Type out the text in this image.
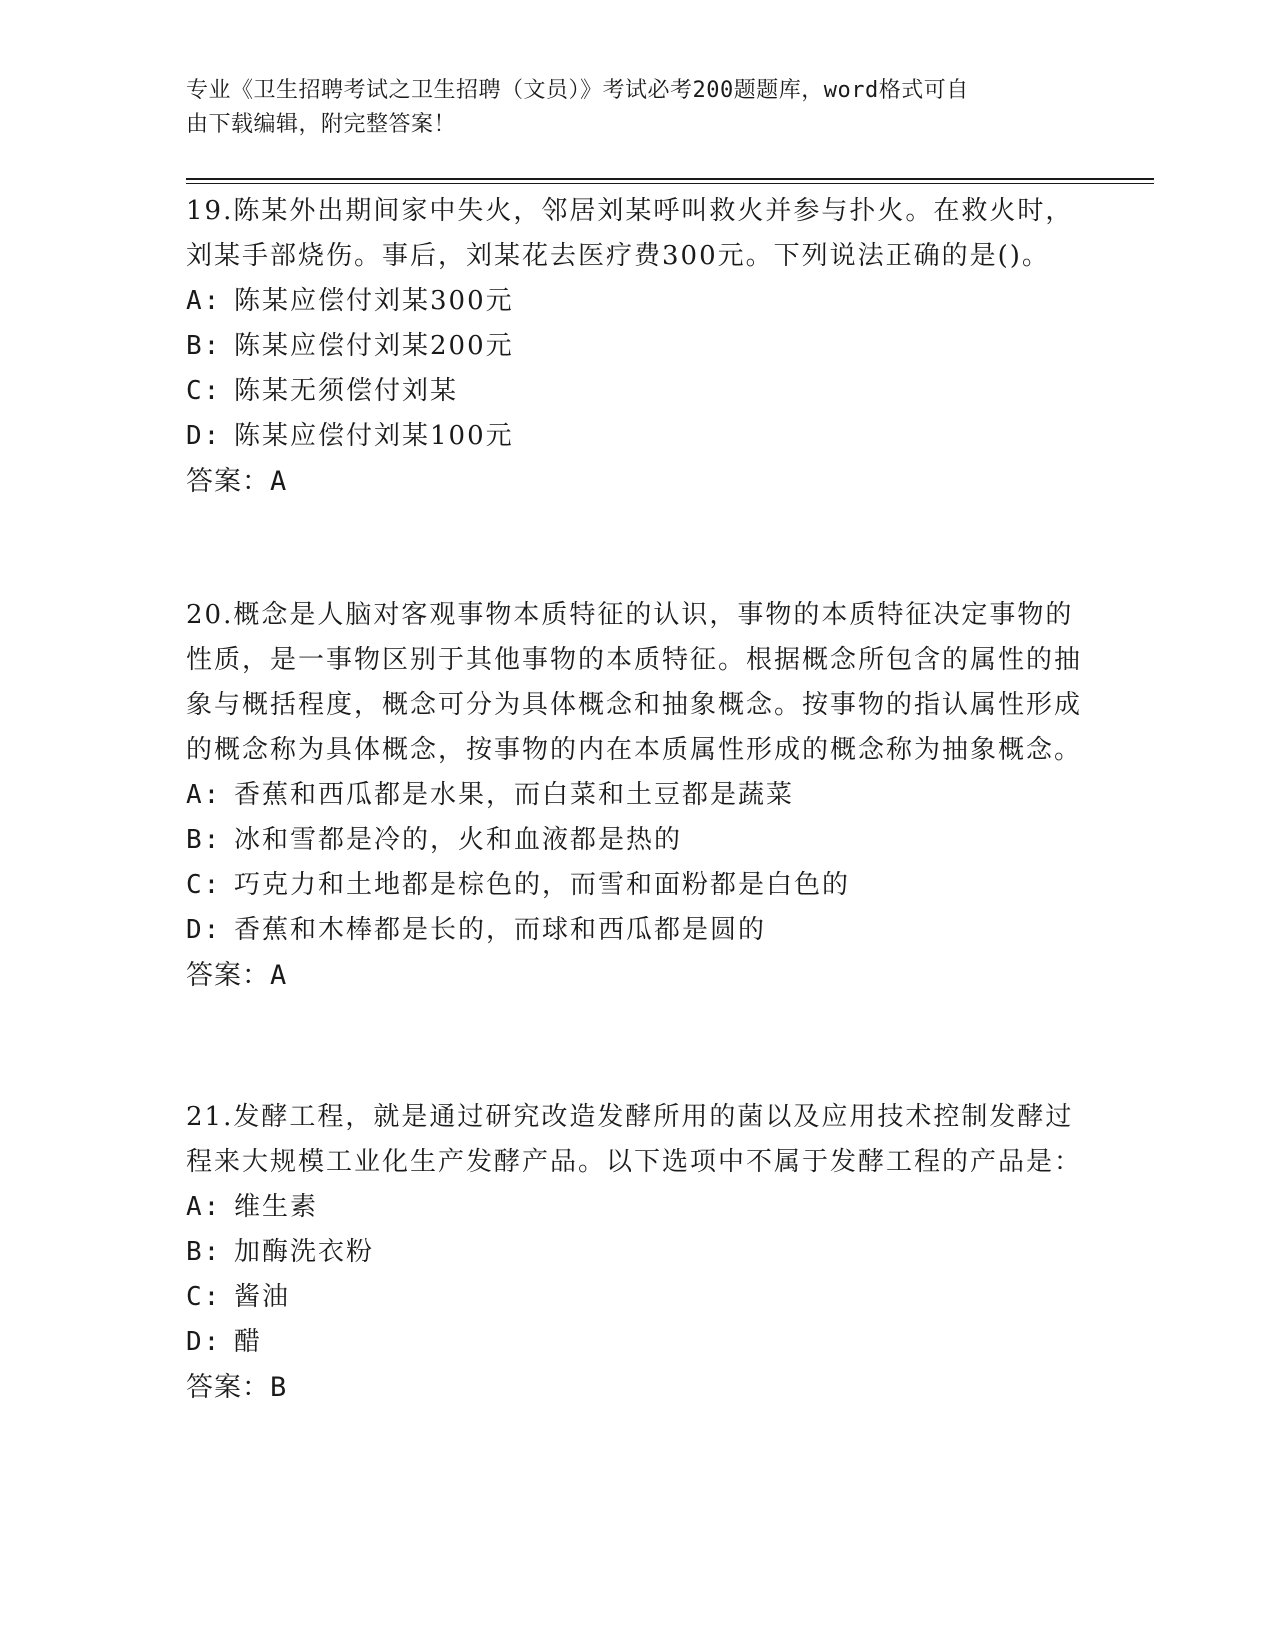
专业《卫生招聘考试之卫生招聘（文员）》考试必考200题题库，word格式可自
由下载编辑，附完整答案！
19.陈某外出期间家中失火，邻居刘某呼叫救火并参与扑火。在救火时，刘某手部烧伤。事后，刘某花去医疗费300元。下列说法正确的是()。
A: 陈某应偿付刘某300元
B: 陈某应偿付刘某200元
C: 陈某无须偿付刘某
D: 陈某应偿付刘某100元
答案：A
20.概念是人脑对客观事物本质特征的认识，事物的本质特征决定事物的性质，是一事物区别于其他事物的本质特征。根据概念所包含的属性的抽象与概括程度，概念可分为具体概念和抽象概念。按事物的指认属性形成的概念称为具体概念，按事物的内在本质属性形成的概念称为抽象概念。
A: 香蕉和西瓜都是水果，而白菜和土豆都是蔬菜
B: 冰和雪都是冷的，火和血液都是热的
C: 巧克力和土地都是棕色的，而雪和面粉都是白色的
D: 香蕉和木棒都是长的，而球和西瓜都是圆的
答案：A
21.发酵工程，就是通过研究改造发酵所用的菌以及应用技术控制发酵过程来大规模工业化生产发酵产品。以下选项中不属于发酵工程的产品是：
A: 维生素
B: 加酶洗衣粉
C: 酱油
D: 醋
答案：B
